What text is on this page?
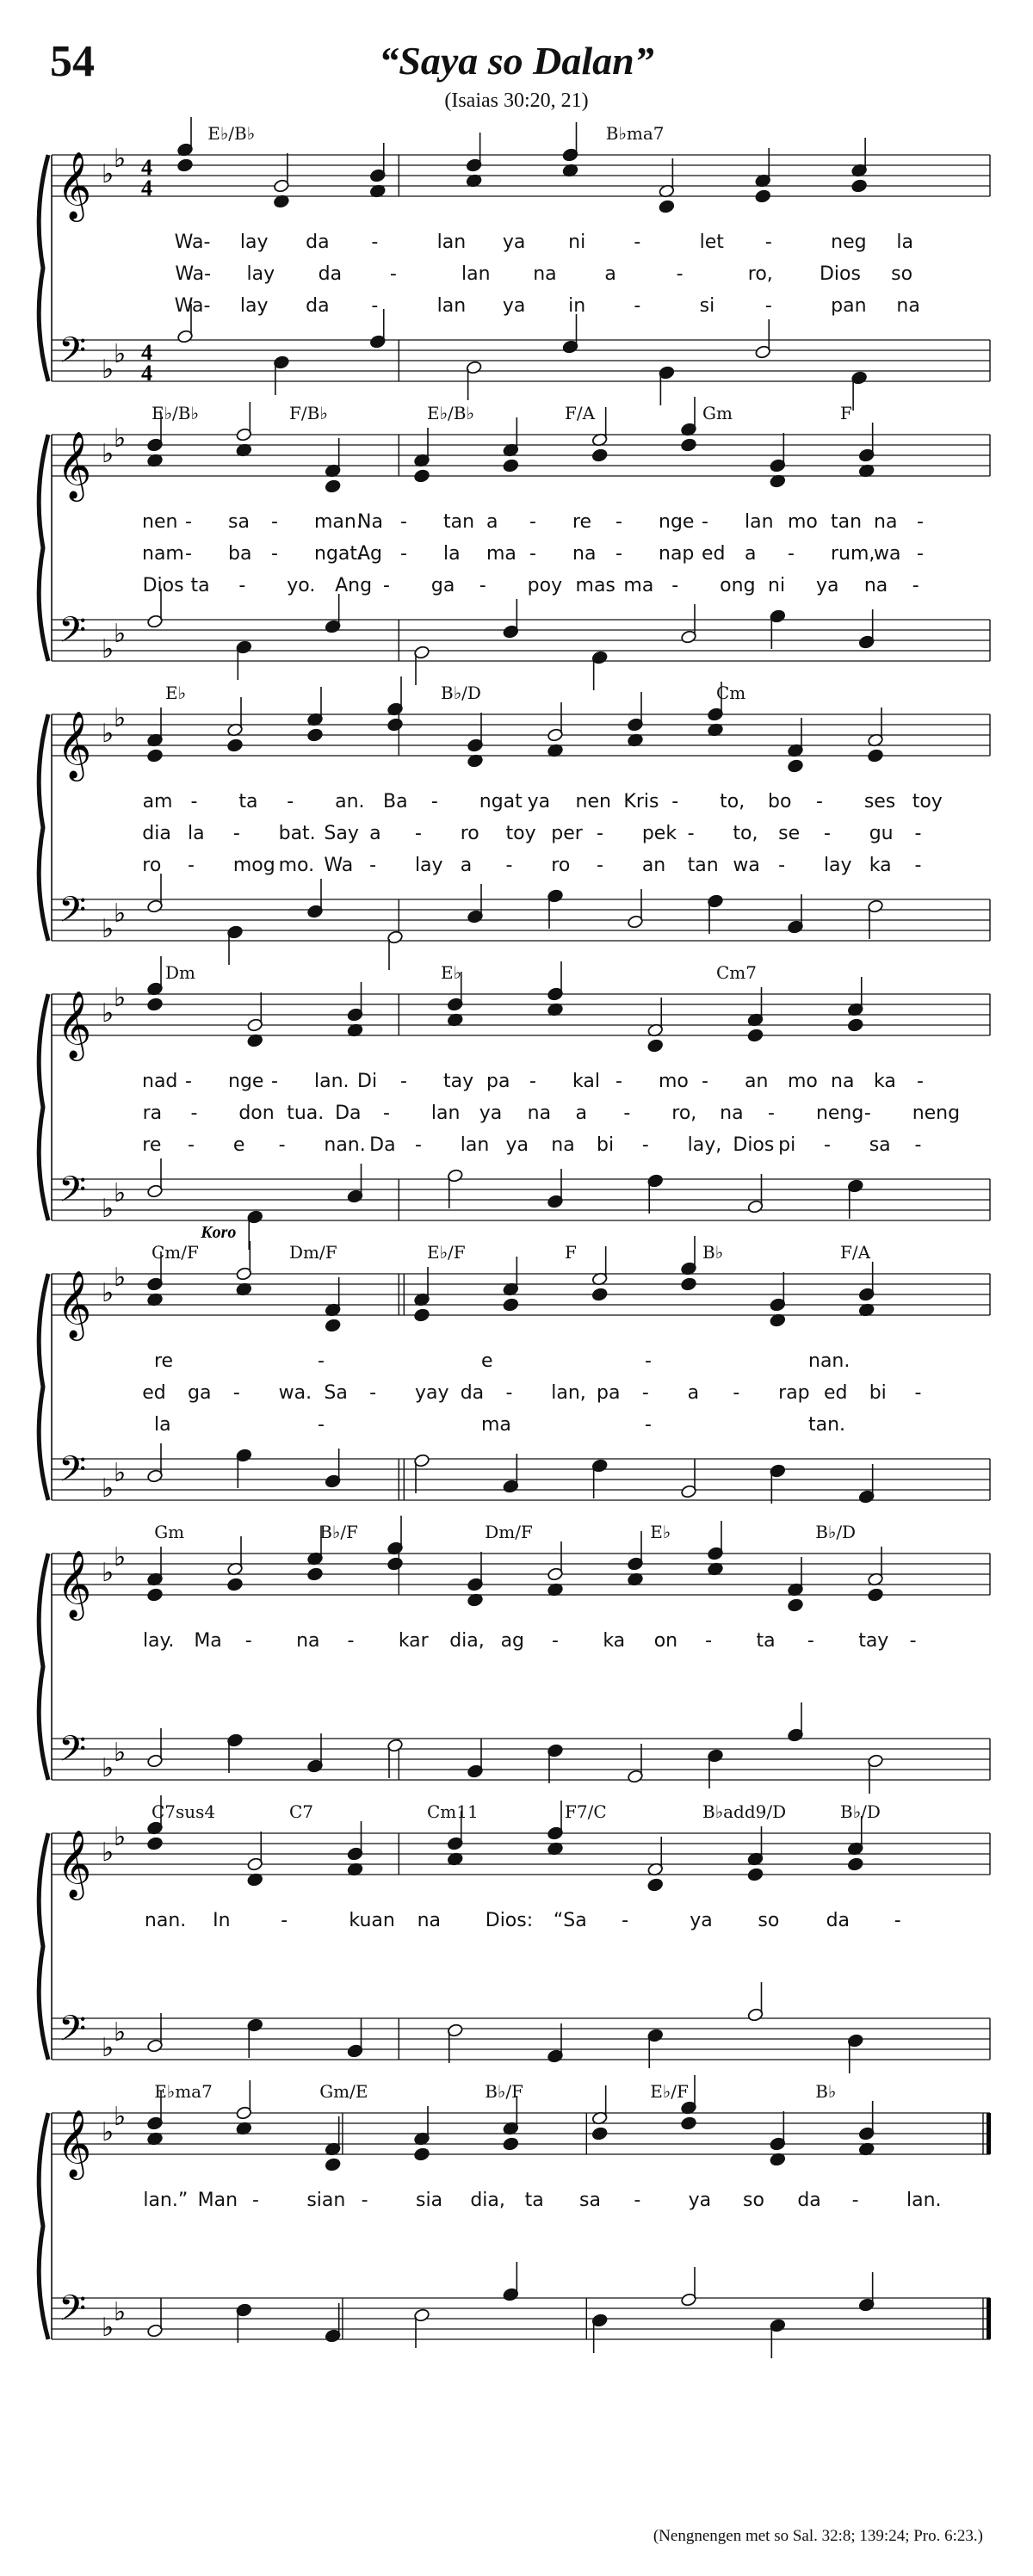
54	“Saya so Dalan”
(Isaias 30:20, 21)
Wa- lay da -	lan ya ni	-	let -	neg la
Wa- lay da	-	lan na	a	-	ro, Dios so
Wa- lay da -	lan ya in	-	si	-	pan na
𝄞 ♭
♭ 4
4
𝄢 ♭
♭ 4
4
E♭/B♭	B♭ma7
nen - sa - man.
Na - tan a - re - nge - lan mo tan na -
nam - ba - ngat.
Ag - la ma - na - nap ed a - rum,
wa -
Dios ta - yo. Ang - ga - poy mas ma - ong ni ya na -
𝄞 ♭
♭
𝄢 ♭
♭
E♭/B♭	F/B♭	E♭/B♭	F/A	Gm	F
am - ta - an. Ba - ngat ya nen Kris - to, bo - ses toy
dia la - bat. Say a - ro toy per - pek - to, se - gu -
ro - mog mo. Wa - lay a - ro - an tan wa - lay ka -
𝄞 ♭
♭
𝄢 ♭
♭
E♭	B♭/D	Cm
nad - nge - lan. Di - tay pa - kal - mo - an mo na ka -
ra - don tua. Da - lan ya na a - ro, na - neng - neng
re - e - nan. Da - lan ya na bi - lay, Dios pi - sa -
𝄞 ♭
♭
𝄢 ♭
♭
Dm	E♭	Cm7
re	-	e	-	nan.
ed ga - wa. Sa - yay da - lan, pa - a - rap ed bi -
la	-	ma	-	tan.
𝄞 ♭
♭
𝄢 ♭
♭
Cm/F	Dm/F	E♭/F	F	B♭	F/A
Koro
lay. Ma - na - kar dia, ag - ka on - ta - tay -
𝄞 ♭
♭
𝄢 ♭
♭
Gm	B♭/F	Dm/F	E♭	B♭/D
nan. In	-	kuan na Dios: “Sa -	ya so da -
𝄞 ♭
♭
𝄢 ♭
♭
C7sus4	C7	Cm11	F7/C	B♭add9/D	B♭/D
lan.” Man -	sian -	sia dia, ta sa -	ya so da -	lan.
𝄞 ♭
♭
𝄢 ♭
♭
E♭ma7	Gm/E	B♭/F	E♭/F	B♭
(Nengnengen met so Sal. 32:8; 139:24; Pro. 6:23.)
